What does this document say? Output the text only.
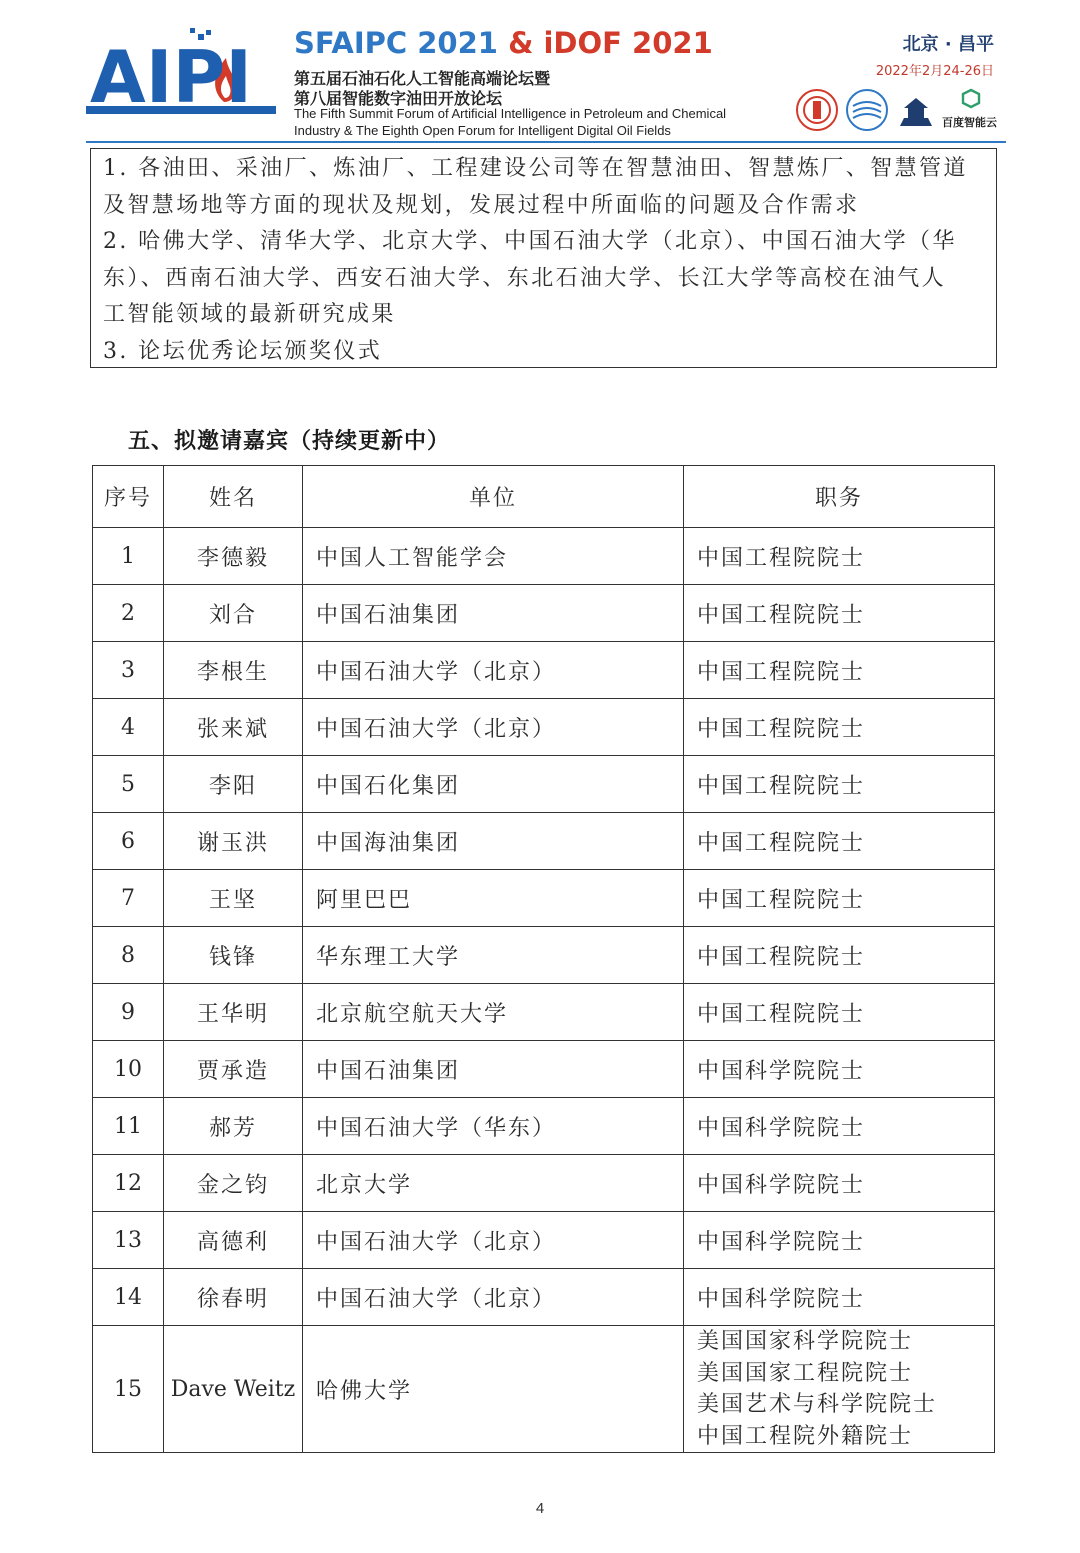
AIPI SFAIPC 2021 & iDOF 2021
第五届石油石化人工智能高端论坛暨
第八届智能数字油田开放论坛
The Fifth Summit Forum of Artificial Intelligence in Petroleum and Chemical
Industry & The Eighth Open Forum for Intelligent Digital Oil Fields
北京 · 昌平
2022年2月24-26日
百度智能云

1. 各油田、采油厂、炼油厂、工程建设公司等在智慧油田、智慧炼厂、智慧管道

及智慧场地等方面的现状及规划，发展过程中所面临的问题及合作需求

2. 哈佛大学、清华大学、北京大学、中国石油大学（北京）、中国石油大学（华

东）、西南石油大学、西安石油大学、东北石油大学、长江大学等高校在油气人

工智能领域的最新研究成果

3. 论坛优秀论坛颁奖仪式

五、拟邀请嘉宾（持续更新中）
序号	姓名	单位	职务
1	李德毅	中国人工智能学会	中国工程院院士
2	刘合	中国石油集团	中国工程院院士
3	李根生	中国石油大学（北京）	中国工程院院士
4	张来斌	中国石油大学（北京）	中国工程院院士
5	李阳	中国石化集团	中国工程院院士
6	谢玉洪	中国海油集团	中国工程院院士
7	王坚	阿里巴巴	中国工程院院士
8	钱锋	华东理工大学	中国工程院院士
9	王华明	北京航空航天大学	中国工程院院士
10	贾承造	中国石油集团	中国科学院院士
11	郝芳	中国石油大学（华东）	中国科学院院士
12	金之钧	北京大学	中国科学院院士
13	高德利	中国石油大学（北京）	中国科学院院士
14	徐春明	中国石油大学（北京）	中国科学院院士
15	Dave Weitz	哈佛大学	美国国家科学院院士
美国国家工程院院士
美国艺术与科学院院士
中国工程院外籍院士
4
